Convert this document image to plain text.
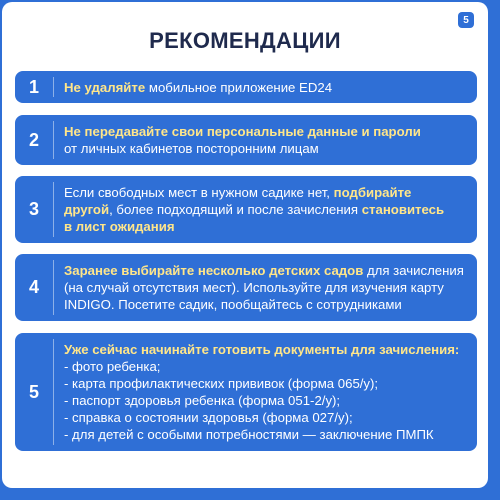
5
РЕКОМЕНДАЦИИ
1	Не удаляйте мобильное приложение ED24
2	Не передавайте свои персональные данные и пароли
от личных кабинетов посторонним лицам
3
Если свободных мест в нужном садике нет, подбирайте
другой, более подходящий и после зачисления становитесь
в лист ожидания
4
Заранее выбирайте несколько детских садов для зачисления
(на случай отсутствия мест). Используйте для изучения карту
INDIGO. Посетите садик, пообщайтесь с сотрудниками
5
Уже сейчас начинайте готовить документы для зачисления:
- фото ребенка;
- карта профилактических прививок (форма 065/у);
- паспорт здоровья ребенка (форма 051-2/у);
- справка о состоянии здоровья (форма 027/у);
- для детей с особыми потребностями — заключение ПМПК
